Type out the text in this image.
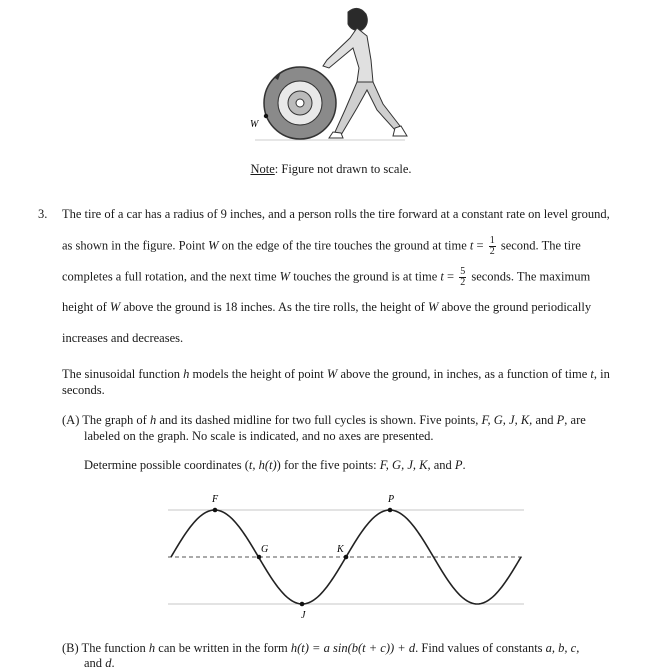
W
Note: Figure not drawn to scale.
3. The tire of a car has a radius of 9 inches, and a person rolls the tire forward at a constant rate on level ground,
as shown in the figure. Point W on the edge of the tire touches the ground at time $t = \frac{1}{2}$ second. The tire
completes a full rotation, and the next time W touches the ground is at time $t = \frac{5}{2}$ seconds. The maximum
height of W above the ground is 18 inches. As the tire rolls, the height of W above the ground periodically
increases and decreases.
The sinusoidal function h models the height of point W above the ground, in inches, as a function of time t, in
seconds.
(A) The graph of h and its dashed midline for two full cycles is shown. Five points, F, G, J, K, and P, are
labeled on the graph. No scale is indicated, and no axes are presented.
Determine possible coordinates (t, h(t)) for the five points: F, G, J, K, and P.
F
G
J
K
P
(B) The function h can be written in the form h(t) = a sin(b(t + c)) + d. Find values of constants a, b, c,
and d.
